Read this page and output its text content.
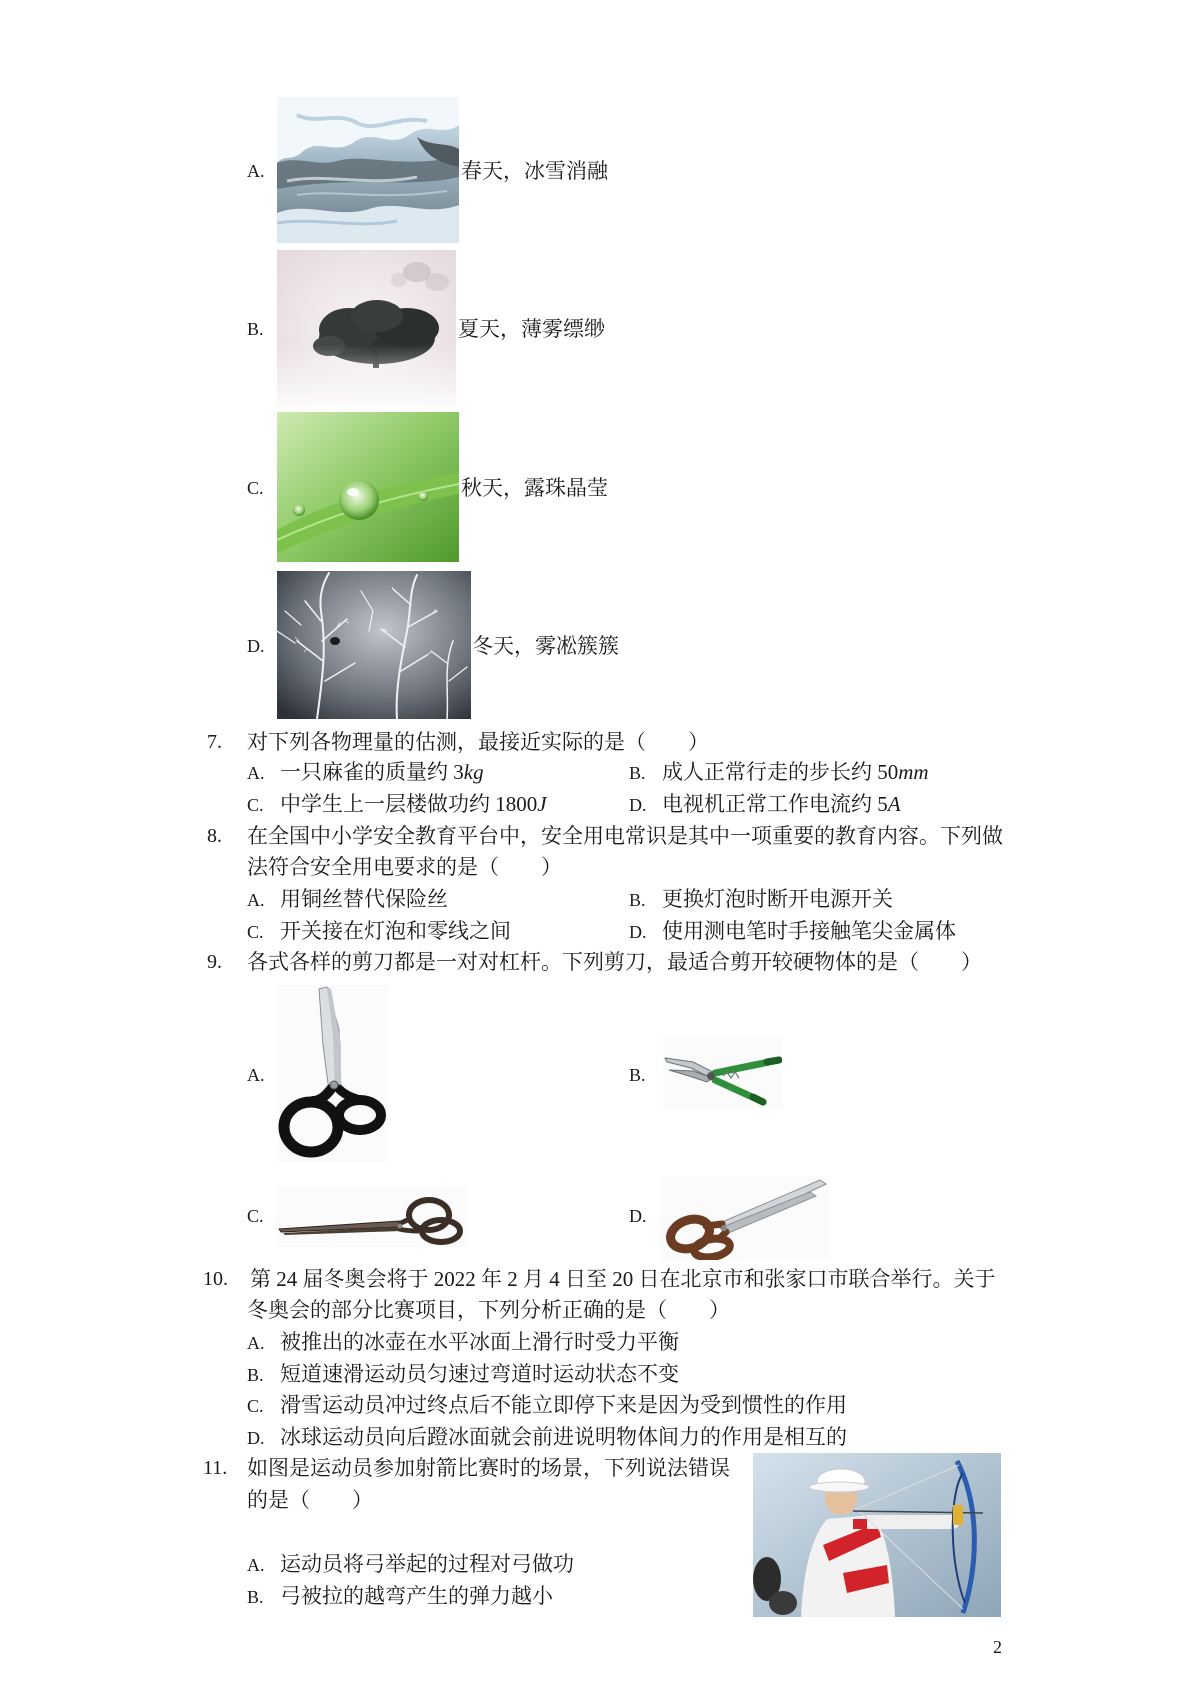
A.	春天，冰雪消融
B.	夏天，薄雾缥缈
C.	秋天，露珠晶莹
D.	冬天，雾凇簇簇
7. 对下列各物理量的估测，最接近实际的是（　　）
A. 一只麻雀的质量约 3kg	B. 成人正常行走的步长约 50mm
C. 中学生上一层楼做功约 1800J	D. 电视机正常工作电流约 5A
8. 在全国中小学安全教育平台中，安全用电常识是其中一项重要的教育内容。下列做
法符合安全用电要求的是（　　）
A. 用铜丝替代保险丝	B. 更换灯泡时断开电源开关
C. 开关接在灯泡和零线之间	D. 使用测电笔时手接触笔尖金属体
9. 各式各样的剪刀都是一对对杠杆。下列剪刀，最适合剪开较硬物体的是（　　）
A.	B.
C.	D.
10. 第 24 届冬奥会将于 2022 年 2 月 4 日至 20 日在北京市和张家口市联合举行。关于
冬奥会的部分比赛项目，下列分析正确的是（　　）
A. 被推出的冰壶在水平冰面上滑行时受力平衡
B. 短道速滑运动员匀速过弯道时运动状态不变
C. 滑雪运动员冲过终点后不能立即停下来是因为受到惯性的作用
D. 冰球运动员向后蹬冰面就会前进说明物体间力的作用是相互的
11. 如图是运动员参加射箭比赛时的场景，下列说法错误
的是（　　）
A. 运动员将弓举起的过程对弓做功
B. 弓被拉的越弯产生的弹力越小
2
